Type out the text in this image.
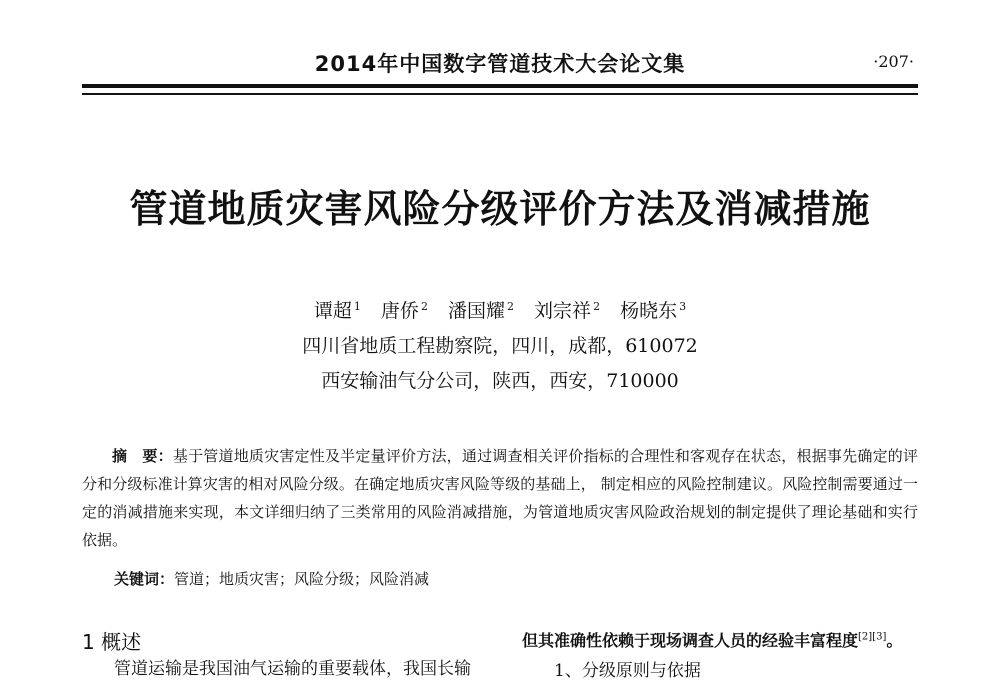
2014年中国数字管道技术大会论文集	·207·
管道地质灾害风险分级评价方法及消减措施
谭超 $^1$ 唐侨 $^2$ 潘国耀 $^2$ 刘宗祥 $^2$ 杨晓东 $^3$
四川省地质工程勘察院，四川，成都，610072
西安输油气分公司，陕西，西安，710000
摘　要：基于管道地质灾害定性及半定量评价方法，通过调查相关评价指标的合理性和客观存在状态，根据事先确定的评分和分级标准计算灾害的相对风险分级。在确定地质灾害风险等级的基础上， 制定相应的风险控制建议。风险控制需要通过一定的消减措施来实现，本文详细归纳了三类常用的风险消减措施，为管道地质灾害风险政治规划的制定提供了理论基础和实行依据。
关键词：管道；地质灾害；风险分级；风险消减
1 概述
管道运输是我国油气运输的重要载体，我国长输
但其准确性依赖于现场调查人员的经验丰富程度[2][3]。
1、分级原则与依据
